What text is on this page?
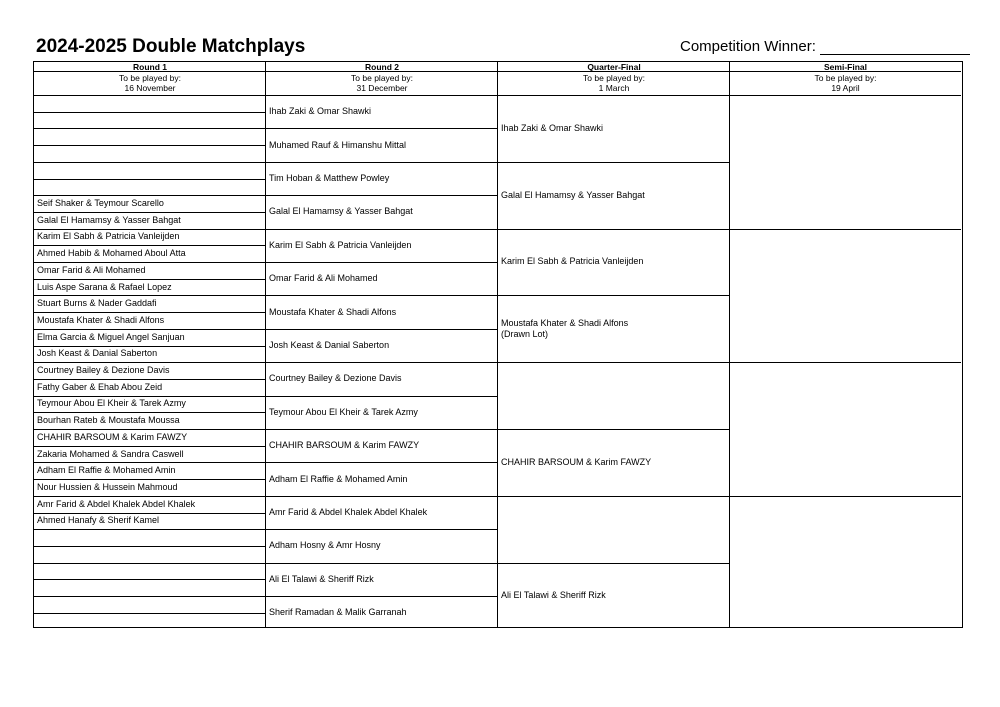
2024-2025 Double Matchplays	Competition Winner:
Round 1
To be played by:
16 November
Round 2
To be played by:
31 December
Quarter-Final
To be played by:
1 March
Semi-Final
To be played by:
19 April
Seif Shaker & Teymour Scarello
Galal El Hamamsy & Yasser Bahgat
Karim El Sabh & Patricia Vanleijden
Ahmed Habib & Mohamed Aboul Atta
Omar Farid & Ali Mohamed
Luis Aspe Sarana & Rafael Lopez
Stuart Burns & Nader Gaddafi
Moustafa Khater & Shadi Alfons
Elma Garcia & Miguel Angel Sanjuan
Josh Keast & Danial Saberton
Courtney Bailey & Dezione Davis
Fathy Gaber & Ehab Abou Zeid
Teymour Abou El Kheir & Tarek Azmy
Bourhan Rateb & Moustafa Moussa
CHAHIR BARSOUM & Karim FAWZY
Zakaria Mohamed & Sandra Caswell
Adham El Raffie & Mohamed Amin
Nour Hussien & Hussein Mahmoud
Amr Farid & Abdel Khalek Abdel Khalek
Ahmed Hanafy & Sherif Kamel
Ihab Zaki & Omar Shawki
Muhamed Rauf & Himanshu Mittal
Tim Hoban & Matthew Powley
Galal El Hamamsy & Yasser Bahgat
Karim El Sabh & Patricia Vanleijden
Omar Farid & Ali Mohamed
Moustafa Khater & Shadi Alfons
Josh Keast & Danial Saberton
Courtney Bailey & Dezione Davis
Teymour Abou El Kheir & Tarek Azmy
CHAHIR BARSOUM & Karim FAWZY
Adham El Raffie & Mohamed Amin
Amr Farid & Abdel Khalek Abdel Khalek
Adham Hosny & Amr Hosny
Ali El Talawi & Sheriff Rizk
Sherif Ramadan & Malik Garranah
Ihab Zaki & Omar Shawki
Galal El Hamamsy & Yasser Bahgat
Karim El Sabh & Patricia Vanleijden
Moustafa Khater & Shadi Alfons
(Drawn Lot)
CHAHIR BARSOUM & Karim FAWZY
Ali El Talawi & Sheriff Rizk
